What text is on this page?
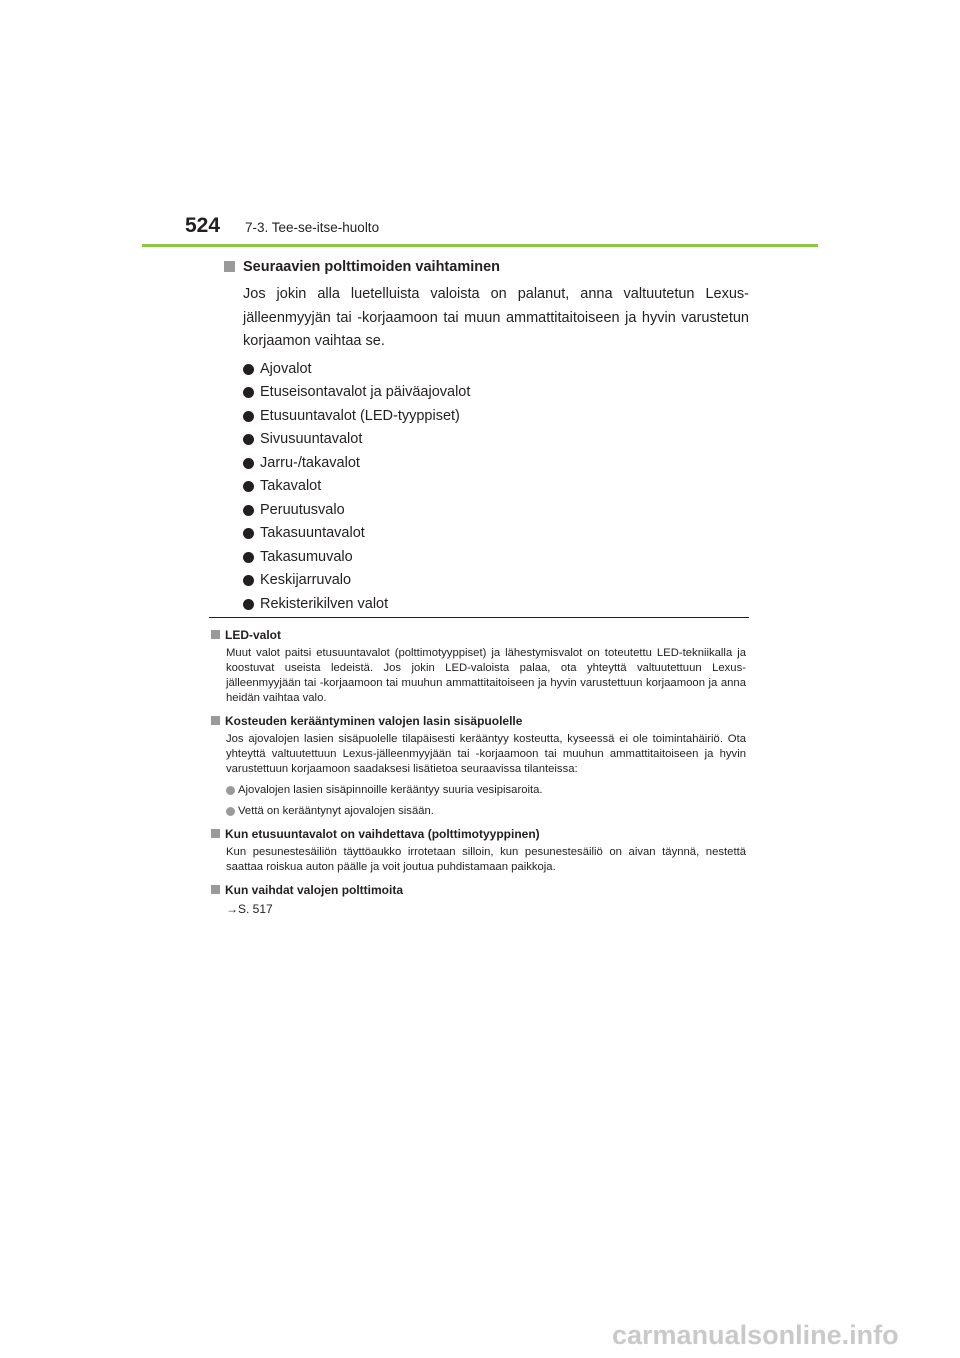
524 7-3. Tee-se-itse-huolto
Seuraavien polttimoiden vaihtaminen

Jos jokin alla luetelluista valoista on palanut, anna valtuutetun Lexus-jälleenmyyjän tai -korjaamoon tai muun ammattitaitoiseen ja hyvin varustetun korjaamon vaihtaa se.

Ajovalot
Etuseisontavalot ja päiväajovalot
Etusuuntavalot (LED-tyyppiset)
Sivusuuntavalot
Jarru-/takavalot
Takavalot
Peruutusvalo
Takasuuntavalot
Takasumuvalo
Keskijarruvalo
Rekisterikilven valot
LED-valot

Muut valot paitsi etusuuntavalot (polttimotyyppiset) ja lähestymisvalot on toteutettu LED-tekniikalla ja koostuvat useista ledeistä. Jos jokin LED-valoista palaa, ota yhteyttä valtuutettuun Lexus-jälleenmyyjään tai -korjaamoon tai muuhun ammattitaitoiseen ja hyvin varustettuun korjaamoon ja anna heidän vaihtaa valo.

Kosteuden kerääntyminen valojen lasin sisäpuolelle

Jos ajovalojen lasien sisäpuolelle tilapäisesti kerääntyy kosteutta, kyseessä ei ole toimintahäiriö. Ota yhteyttä valtuutettuun Lexus-jälleenmyyjään tai -korjaamoon tai muuhun ammattitaitoiseen ja hyvin varustettuun korjaamoon saadaksesi lisätietoa seuraavissa tilanteissa:

Ajovalojen lasien sisäpinnoille kerääntyy suuria vesipisaroita.
Vettä on kerääntynyt ajovalojen sisään.
Kun etusuuntavalot on vaihdettava (polttimotyyppinen)

Kun pesunestesäiliön täyttöaukko irrotetaan silloin, kun pesunestesäiliö on aivan täynnä, nestettä saattaa roiskua auton päälle ja voit joutua puhdistamaan paikkoja.

Kun vaihdat valojen polttimoita
→S. 517
carmanualsonline.info
